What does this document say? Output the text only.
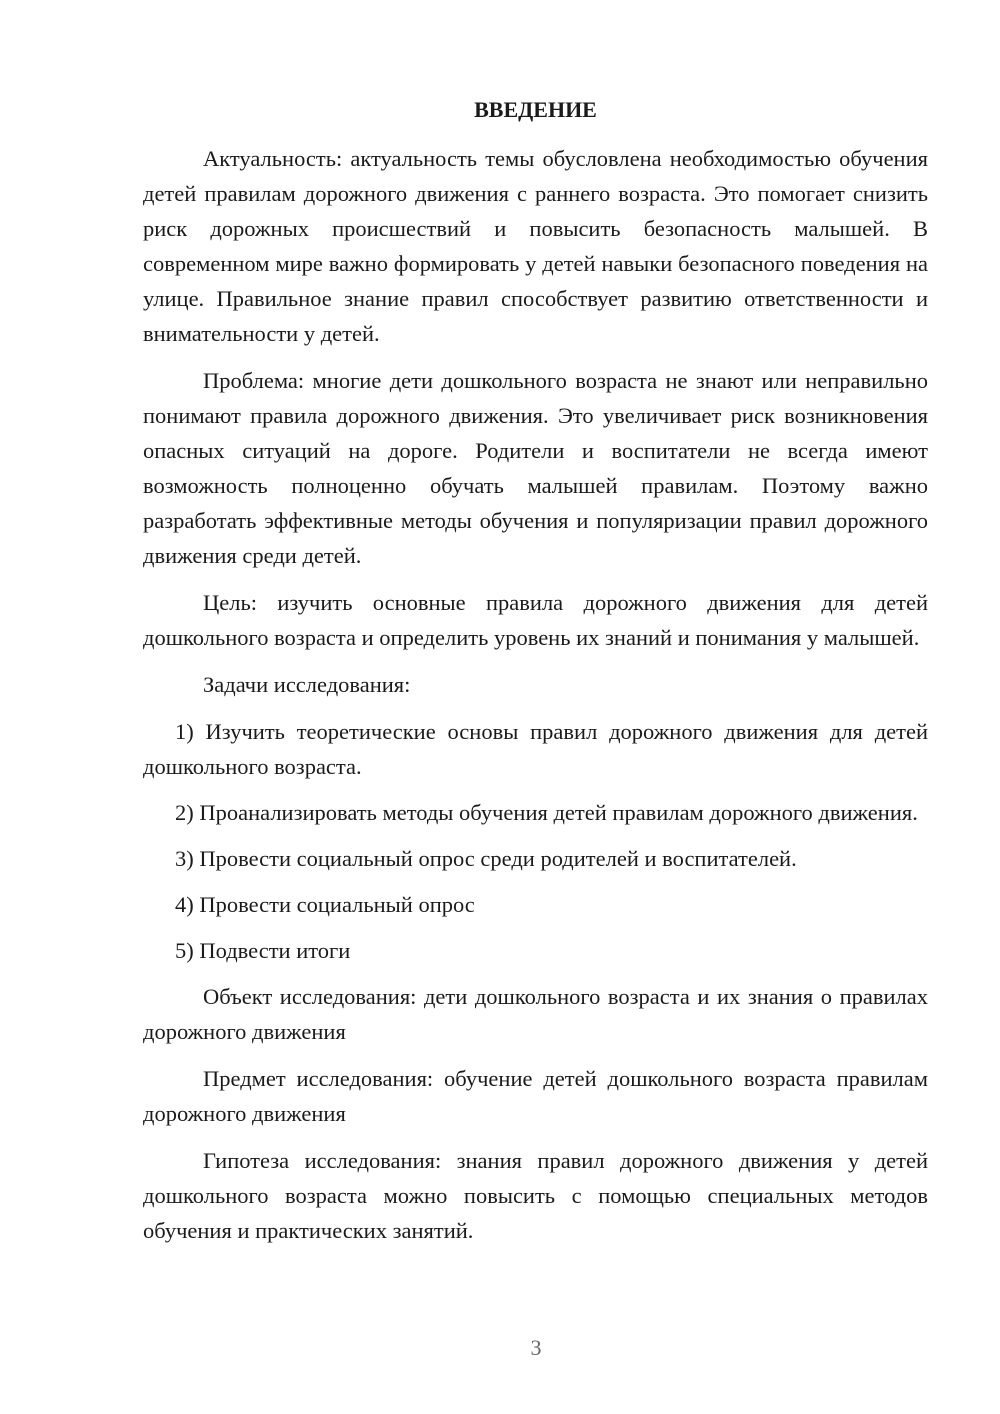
ВВЕДЕНИЕ

Актуальность: актуальность темы обусловлена необходимостью обучения детей правилам дорожного движения с раннего возраста. Это помогает снизить риск дорожных происшествий и повысить безопасность малышей. В современном мире важно формировать у детей навыки безопасного поведения на улице. Правильное знание правил способствует развитию ответственности и внимательности у детей.

Проблема: многие дети дошкольного возраста не знают или неправильно понимают правила дорожного движения. Это увеличивает риск возникновения опасных ситуаций на дороге. Родители и воспитатели не всегда имеют возможность полноценно обучать малышей правилам. Поэтому важно разработать эффективные методы обучения и популяризации правил дорожного движения среди детей.

Цель: изучить основные правила дорожного движения для детей дошкольного возраста и определить уровень их знаний и понимания у малышей.

Задачи исследования:

1) Изучить теоретические основы правил дорожного движения для детей дошкольного возраста.

2) Проанализировать методы обучения детей правилам дорожного движения.

3) Провести социальный опрос среди родителей и воспитателей.

4) Провести социальный опрос

5) Подвести итоги

Объект исследования: дети дошкольного возраста и их знания о правилах дорожного движения

Предмет исследования: обучение детей дошкольного возраста правилам дорожного движения

Гипотеза исследования: знания правил дорожного движения у детей дошкольного возраста можно повысить с помощью специальных методов обучения и практических занятий.

3
